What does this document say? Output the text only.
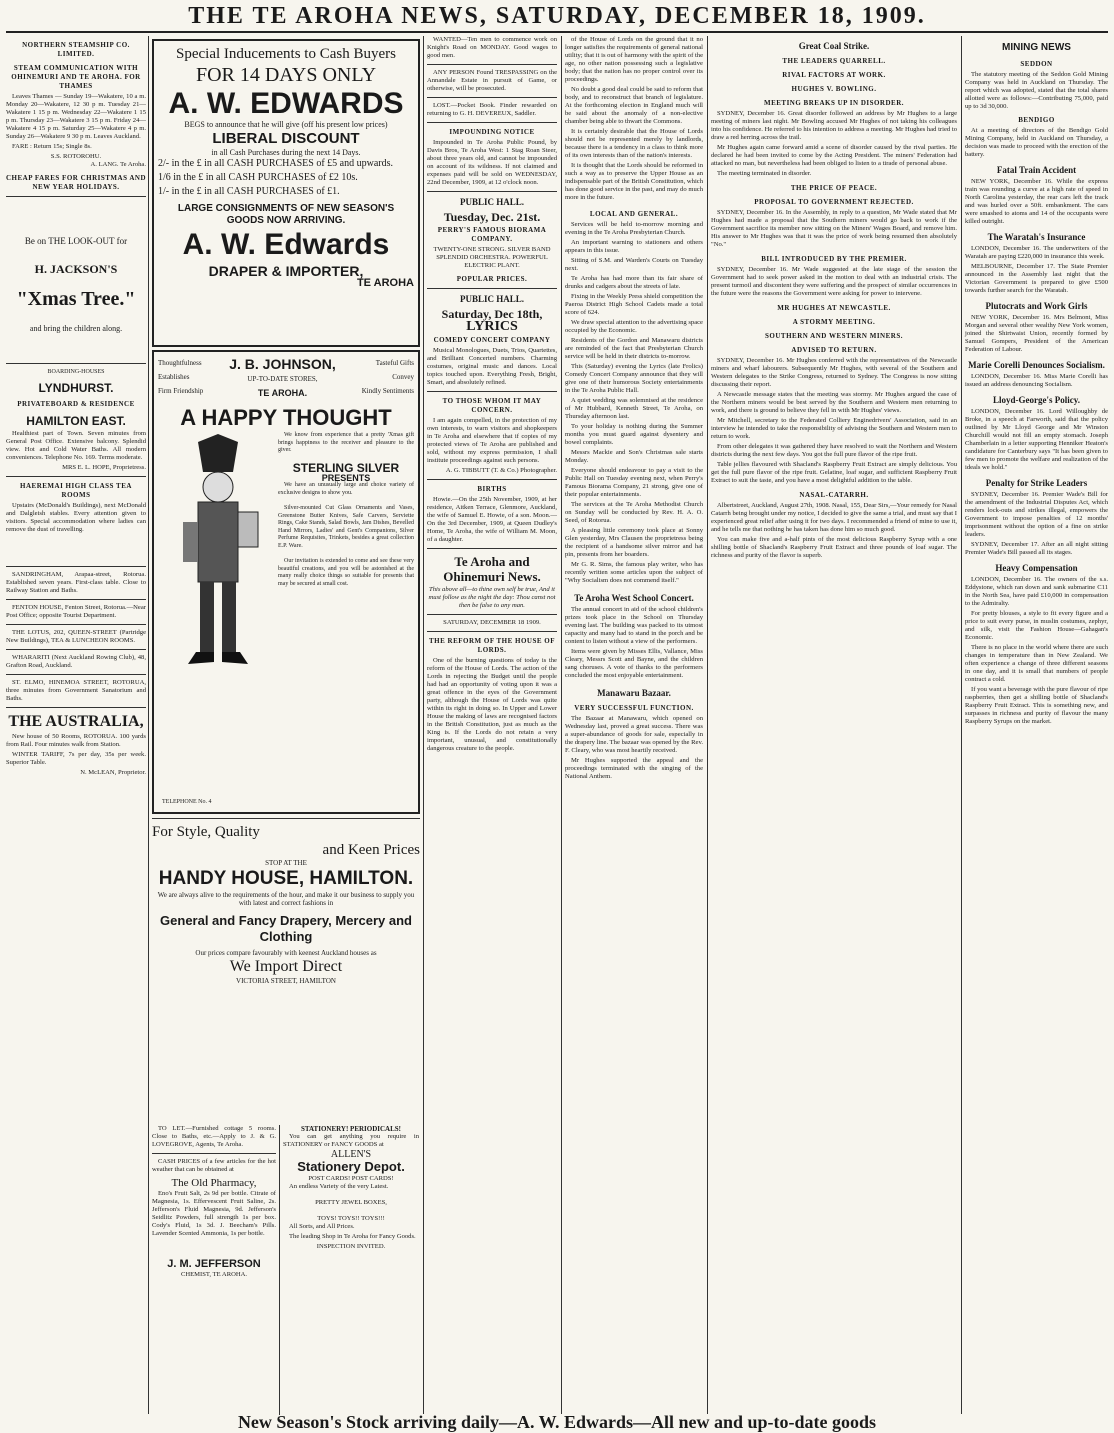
THE TE AROHA NEWS, SATURDAY, DECEMBER 18, 1909.
NORTHERN STEAMSHIP CO. LIMITED.
STEAM COMMUNICATION WITH OHINEMURI AND TE AROHA. FOR THAMES

Leaves Thames — Sunday 19—Wakatere, 10 a m. Monday 20—Wakatere, 12 30 p m. Tuesday 21—Wakatere 1 15 p m. Wednesday 22—Wakatere 1 15 p m. Thursday 23—Wakatere 3 15 p m. Friday 24—Wakatere 4 15 p m. Saturday 25—Wakatere 4 p m. Sunday 26—Wakatere 9 30 p m. Leaves Auckland.

FARE : Return 15s; Single 8s.

S.S. ROTOROHU.
A. LANG. Te Aroha.
CHEAP FARES FOR CHRISTMAS AND NEW YEAR HOLIDAYS.
Be on THE LOOK-OUT for
H. JACKSON'S
"Xmas Tree."
and bring the children along.
BOARDING-HOUSES
LYNDHURST.
PRIVATEBOARD & RESIDENCE
HAMILTON EAST.

Healthiest part of Town. Seven minutes from General Post Office. Extensive balcony. Splendid view. Hot and Cold Water Baths. All modern conveniences. Telephone No. 169. Terms moderate.

MRS E. L. HOPE, Proprietress.
HAEREMAI HIGH CLASS TEA ROOMS

Upstairs (McDonald's Buildings), next McDonald and Dalgleish stables. Every attention given to visitors. Special accommodation where ladies can remove the dust of travelling.

SANDRINGHAM, Arapaa-street, Rotorua. Established seven years. First-class table. Close to Railway Station and Baths.

FENTON HOUSE, Fenton Street, Rotorua.—Near Post Office; opposite Tourist Department.

THE LOTUS, 202, QUEEN-STREET (Partridge New Buildings), TEA & LUNCHEON ROOMS.

WHARARITI (Next Auckland Rowing Club), 48, Grafton Road, Auckland.

ST. ELMO, HINEMOA STREET, ROTORUA, three minutes from Government Sanatorium and Baths.

THE AUSTRALIA,

New house of 50 Rooms, ROTORUA. 100 yards from Rail. Four minutes walk from Station.

WINTER TARIFF, 7s per day, 35s per week. Superior Table.

N. McLEAN, Proprietor.
Special Inducements to Cash Buyers
FOR 14 DAYS ONLY
A. W. EDWARDS
BEGS to announce that he will give (off his present low prices)
LIBERAL DISCOUNT
in all Cash Purchases during the next 14 Days.
2/- in the £ in all CASH PURCHASES of £5 and upwards.
1/6 in the £ in all CASH PURCHASES of £2 10s.
1/- in the £ in all CASH PURCHASES of £1.
LARGE CONSIGNMENTS OF NEW SEASON'S GOODS NOW ARRIVING.
A. W. Edwards
DRAPER & IMPORTER,
TE AROHA
Thoughtfulness
Establishes
Firm Friendship
J. B. JOHNSON,
UP-TO-DATE STORES,
TE AROHA.
Tasteful Gifts
Convey
Kindly Sentiments
A HAPPY THOUGHT

We know from experience that a pretty 'Xmas gift brings happiness to the receiver and pleasure to the giver.

STERLING SILVER
PRESENTS

We have an unusually large and choice variety of exclusive designs to show you.

Silver-mounted Cut Glass Ornaments and Vases, Greenstone Butter Knives, Safe Carvers, Serviette Rings, Cake Stands, Salad Bowls, Jam Dishes, Bevelled Hand Mirrors, Ladies' and Gent's Companions, Silver Perfume Requisites, Trinkets, besides a great collection E.P. Ware.

Our invitation is extended to come and see these very beautiful creations, and you will be astonished at the many really choice things so suitable for presents that may be secured at small cost.

TELEPHONE No. 4
For Style, Quality
and Keen Prices
STOP AT THE
HANDY HOUSE, HAMILTON.
We are always alive to the requirements of the hour, and make it our business to supply you with latest and correct fashions in
General and Fancy Drapery, Mercery and Clothing
Our prices compare favourably with keenest Auckland houses as
We Import Direct
VICTORIA STREET, HAMILTON

TO LET.—Furnished cottage 5 rooms. Close to Baths, etc.—Apply to J. & G. LOVEGROVE, Agents, Te Aroha.

CASH PRICES of a few articles for the hot weather that can be obtained at

The Old Pharmacy,

Eno's Fruit Salt, 2s 9d per bottle. Citrate of Magnesia, 1s. Effervescent Fruit Saline, 2s. Jefferson's Fluid Magnesia, 9d. Jefferson's Seidlitz Powders, full strength 1s per box. Cody's Fluid, 1s 3d. J. Beecham's Pills. Lavender Scented Ammonia, 1s per bottle.

J. M. JEFFERSON
CHEMIST, TE AROHA.
STATIONERY! PERIODICALS!

You can get anything you require in STATIONERY or FANCY GOODS at

ALLEN'S
Stationery Depot.
POST CARDS! POST CARDS!

An endless Variety of the very Latest.

PRETTY JEWEL BOXES,
TOYS! TOYS!! TOYS!!!

All Sorts, and All Prices.

The leading Shop in Te Aroha for Fancy Goods.

INSPECTION INVITED.

WANTED—Ten men to commence work on Knight's Road on MONDAY. Good wages to good men.

ANY PERSON Found TRESPASSING on the Annandale Estate in pursuit of Game, or otherwise, will be prosecuted.

LOST.—Pocket Book. Finder rewarded on returning to G. H. DEVEREUX, Saddler.

IMPOUNDING NOTICE

Impounded in Te Aroha Public Pound, by Davis Bros, Te Aroha West: 1 Stag Roan Steer, about three years old, and cannot be impounded on account of its wildness. If not claimed and expenses paid will be sold on WEDNESDAY, 22nd December, 1909, at 12 o'clock noon.

PUBLIC HALL.
Tuesday, Dec. 21st.
PERRY'S FAMOUS BIORAMA COMPANY.
TWENTY-ONE STRONG. SILVER BAND
SPLENDID ORCHESTRA. POWERFUL ELECTRIC PLANT.
POPULAR PRICES.
PUBLIC HALL.
Saturday, Dec 18th,
LYRICS
COMEDY CONCERT COMPANY

Musical Monologues, Duets, Trios, Quartettes, and Brilliant Concerted numbers. Charming costumes, original music and dances. Local topics touched upon. Everything Fresh, Bright, Smart, and absolutely refined.

TO THOSE WHOM IT MAY CONCERN.

I am again compelled, in the protection of my own interests, to warn visitors and shopkeepers in Te Aroha and elsewhere that if copies of my protected views of Te Aroha are published and sold, without my express permission, I shall institute proceedings against such persons.

A. G. TIBBUTT (T. & Co.) Photographer.
BIRTHS

Howie.—On the 25th November, 1909, at her residence, Aitken Terrace, Glenmore, Auckland, the wife of Samuel E. Howie, of a son. Moon.—On the 3rd December, 1909, at Queen Dudley's Home, Te Aroha, the wife of William M. Moon, of a daughter.

Te Aroha and Ohinemuri News.
This above all—to thine own self be true, And it must follow as the night the day: Thou canst not then be false to any man.
SATURDAY, DECEMBER 18 1909.
THE REFORM OF THE HOUSE OF LORDS.

One of the burning questions of today is the reform of the House of Lords. The action of the Lords in rejecting the Budget until the people had had an opportunity of voting upon it was a great offence in the eyes of the Government party, although the House of Lords was quite within its right in doing so. In Upper and Lower House the making of laws are recognised factors in the British Constitution, just as much as the King is. If the Lords do not retain a very important, unusual, and constitutionally dangerous creature to the people.

of the House of Lords on the ground that it no longer satisfies the requirements of general national utility; that it is out of harmony with the spirit of the age, no other nation possessing such a legislative body; that the nation has no proper control over its proceedings.

No doubt a good deal could be said to reform that body, and to reconstruct that branch of legislature. At the forthcoming election in England much will be said about the anomaly of a non-elective chamber being able to thwart the Commons.

It is certainly desirable that the House of Lords should not be represented merely by landlords, because there is a tendency in a class to think more of its own interests than of the nation's interests.

It is thought that the Lords should be reformed in such a way as to preserve the Upper House as an indispensable part of the British Constitution, which has done good service in the past, and may do much more in the future.

LOCAL AND GENERAL.

Services will be held to-morrow morning and evening in the Te Aroha Presbyterian Church.

An important warning to stationers and others appears in this issue.

Sitting of S.M. and Warden's Courts on Tuesday next.

Te Aroha has had more than its fair share of drunks and cadgers about the streets of late.

Fixing in the Weekly Press shield competition the Paeroa District High School Cadets made a total score of 624.

We draw special attention to the advertising space occupied by the Economic.

Residents of the Gordon and Manawaru districts are reminded of the fact that Presbyterian Church service will be held in their districts to-morrow.

This (Saturday) evening the Lyrics (late Frolics) Comedy Concert Company announce that they will give one of their humorous Society entertainments in the Te Aroha Public Hall.

A quiet wedding was solemnised at the residence of Mr Hubbard, Kenneth Street, Te Aroha, on Thursday afternoon last.

To your holiday is nothing during the Summer months you must guard against dysentery and bowel complaints.

Messrs Mackie and Son's Christmas sale starts Monday.

Everyone should endeavour to pay a visit to the Public Hall on Tuesday evening next, when Perry's Famous Biorama Company, 21 strong, give one of their popular entertainments.

The services at the Te Aroha Methodist Church on Sunday will be conducted by Rev. H. A. O. Seed, of Rotorua.

A pleasing little ceremony took place at Sonny Glen yesterday, Mrs Clausen the proprietress being the recipient of a handsome silver mirror and hat pin, presents from her boarders.

Mr G. R. Sims, the famous play writer, who has recently written some articles upon the subject of "Why Socialism does not commend itself."

Te Aroha West School Concert.

The annual concert in aid of the school children's prizes took place in the School on Thursday evening last. The building was packed to its utmost capacity and many had to stand in the porch and be content to listen without a view of the performers.

Items were given by Misses Ellis, Vallance, Miss Cleary, Messrs Scott and Bayne, and the children sang choruses. A vote of thanks to the performers concluded the most enjoyable entertainment.

Manawaru Bazaar.
VERY SUCCESSFUL FUNCTION.

The Bazaar at Manawaru, which opened on Wednesday last, proved a great success. There was a super-abundance of goods for sale, especially in the drapery line. The bazaar was opened by the Rev. F. Cleary, who was most heartily received.

Mr Hughes supported the appeal and the proceedings terminated with the singing of the National Anthem.

Great Coal Strike.
THE LEADERS QUARRELL.
RIVAL FACTORS AT WORK.
HUGHES V. BOWLING.
MEETING BREAKS UP IN DISORDER.

SYDNEY, December 16. Great disorder followed an address by Mr Hughes to a large meeting of miners last night. Mr Bowling accused Mr Hughes of not taking his colleagues into his confidence. He referred to his intention to address a meeting. Mr Hughes had tried to draw a red herring across the trail.

Mr Hughes again came forward amid a scene of disorder caused by the rival parties. He declared he had been invited to come by the Acting President. The miners' Federation had attacked no man, but nevertheless had been obliged to listen to a tirade of personal abuse.

The meeting terminated in disorder.

THE PRICE OF PEACE.
PROPOSAL TO GOVERNMENT REJECTED.

SYDNEY, December 16. In the Assembly, in reply to a question, Mr Wade stated that Mr Hughes had made a proposal that the Southern miners would go back to work if the Government sacrifice its member now sitting on the Miners' Wages Board, and remove him. His answer to Mr Hughes was that it was the price of work being resumed then absolutely "No."

BILL INTRODUCED BY THE PREMIER.

SYDNEY, December 16. Mr Wade suggested at the late stage of the session the Government had to seek power asked in the motion to deal with an industrial crisis. The present turmoil and discontent they were suffering and the prospect of similar occurrences in the future were the reasons the Government were asking for power to intervene.

MR HUGHES AT NEWCASTLE.
A STORMY MEETING.
SOUTHERN AND WESTERN MINERS.
ADVISED TO RETURN.

SYDNEY, December 16. Mr Hughes conferred with the representatives of the Newcastle miners and wharf labourers. Subsequently Mr Hughes, with several of the Southern and Western delegates to the Strike Congress, returned to Sydney. The Congress is now sitting discussing their report.

A Newcastle message states that the meeting was stormy. Mr Hughes argued the case of the Northern miners would be best served by the Southern and Western men returning to work, and there is ground to believe they fell in with Mr Hughes' views.

Mr Mitchell, secretary to the Federated Colliery Enginedrivers' Association, said in an interview he intended to take the responsibility of advising the Southern and Western men to return to work.

From other delegates it was gathered they have resolved to wait the Northern and Western districts during the next few days. You got the full pure flavor of the ripe fruit.

Table jellies flavoured with Shacland's Raspberry Fruit Extract are simply delicious. You get the full pure flavor of the ripe fruit. Gelatine, loaf sugar, and sufficient Raspberry Fruit Extract to suit the taste, and you have a most delightful addition to the table.

NASAL-CATARRH.

Albertstreet, Auckland, August 27th, 1908. Nasal, 155, Dear Sirs,—Your remedy for Nasal Catarrh being brought under my notice, I decided to give the same a trial, and must say that I experienced great relief after using it for two days. I recommended a friend of mine to use it, and he tells me that nothing he has taken has done him so much good.

You can make five and a-half pints of the most delicious Raspberry Syrup with a one shilling bottle of Shacland's Raspberry Fruit Extract and three pounds of loaf sugar. The richness and purity of the flavor is superb.

MINING NEWS
SEDDON

The statutory meeting of the Seddon Gold Mining Company was held in Auckland on Thursday. The report which was adopted, stated that the total shares allotted were as follows:—Contributing 75,000, paid up to 3d 30,000.

BENDIGO

At a meeting of directors of the Bendigo Gold Mining Company, held in Auckland on Thursday, a decision was made to proceed with the erection of the battery.

Fatal Train Accident

NEW YORK, December 16. While the express train was rounding a curve at a high rate of speed in North Carolina yesterday, the rear cars left the track and was hurled over a 50ft. embankment. The cars were smashed to atoms and 14 of the occupants were killed outright.

The Waratah's Insurance

LONDON, December 16. The underwriters of the Waratah are paying £220,000 in insurance this week.

MELBOURNE, December 17. The State Premier announced in the Assembly last night that the Victorian Government is prepared to give £500 towards further search for the Waratah.

Plutocrats and Work Girls

NEW YORK, December 16. Mrs Belmont, Miss Morgan and several other wealthy New York women, joined the Shirtwaist Union, recently formed by Samuel Gompers, President of the American Federation of Labour.

Marie Corelli Denounces Socialism.

LONDON, December 16. Miss Marie Corelli has issued an address denouncing Socialism.

Lloyd-George's Policy.

LONDON, December 16. Lord Willoughby de Broke, in a speech at Farworth, said that the policy outlined by Mr Lloyd George and Mr Winston Churchill would not fill an empty stomach. Joseph Chamberlain in a letter supporting Henniker Heaton's candidature for Canterbury says "It has been given to few men to promote the welfare and realization of the ideals we hold."

Penalty for Strike Leaders

SYDNEY, December 16. Premier Wade's Bill for the amendment of the Industrial Disputes Act, which renders lock-outs and strikes illegal, empowers the Government to impose penalties of 12 months' imprisonment without the option of a fine on strike leaders.

SYDNEY, December 17. After an all night sitting Premier Wade's Bill passed all its stages.

Heavy Compensation

LONDON, December 16. The owners of the s.s. Eddystone, which ran down and sank submarine C11 in the North Sea, have paid £10,000 in compensation to the Admiralty.

For pretty blouses, a style to fit every figure and a price to suit every purse, in muslin costumes, zephyr, and silk, visit the Fashion House—Gahagan's Economic.

There is no place in the world where there are such changes in temperature than in New Zealand. We often experience a change of three different seasons in one day, and it is small that numbers of people contract a cold.

If you want a beverage with the pure flavour of ripe raspberries, then get a shilling bottle of Shacland's Raspberry Fruit Extract. This is something new, and surpasses in richness and purity of flavour the many Raspberry Syrups on the market.

New Season's Stock arriving daily—A. W. Edwards—All new and up-to-date goods
